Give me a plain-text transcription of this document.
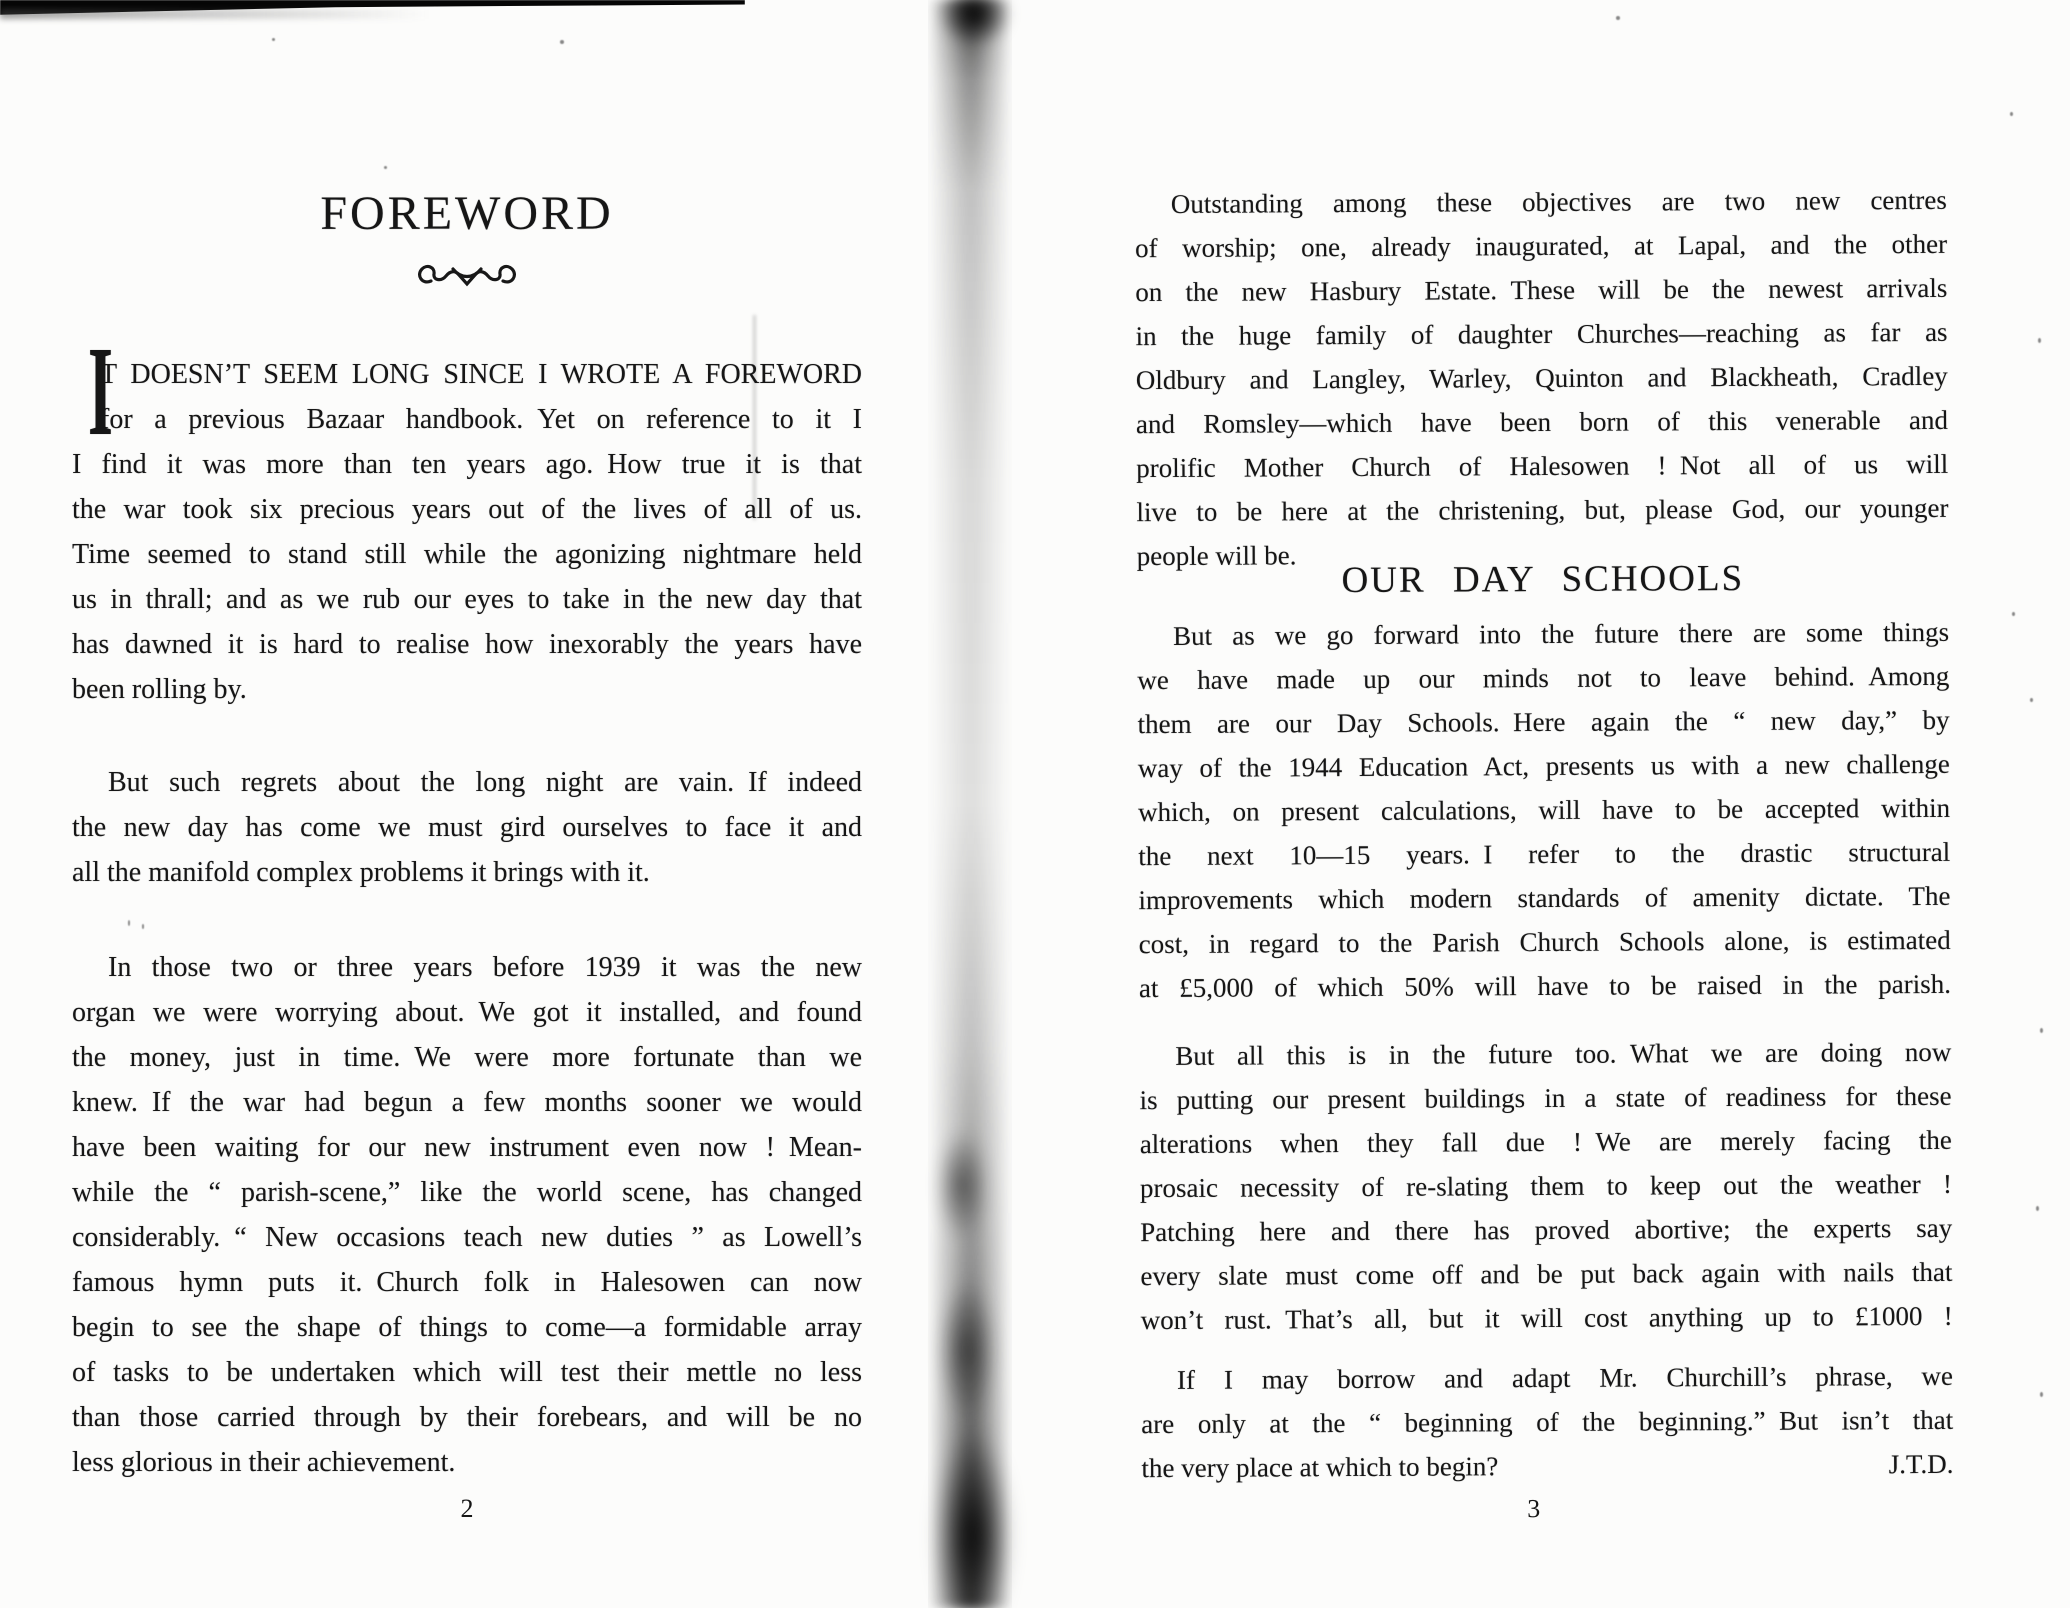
FOREWORD
I
T DOESN’T SEEM LONG SINCE I WROTE A FOREWORD
for a previous Bazaar handbook. Yet on reference to it I
I find it was more than ten years ago. How true it is that
the war took six precious years out of the lives of all of us.
Time seemed to stand still while the agonizing nightmare held
us in thrall; and as we rub our eyes to take in the new day that
has dawned it is hard to realise how inexorably the years have
been rolling by.
But such regrets about the long night are vain. If indeed
the new day has come we must gird ourselves to face it and
all the manifold complex problems it brings with it.
In those two or three years before 1939 it was the new
organ we were worrying about. We got it installed, and found
the money, just in time. We were more fortunate than we
knew. If the war had begun a few months sooner we would
have been waiting for our new instrument even now ! Mean-
while the “ parish-scene,” like the world scene, has changed
considerably. “ New occasions teach new duties ” as Lowell’s
famous hymn puts it. Church folk in Halesowen can now
begin to see the shape of things to come—a formidable array
of tasks to be undertaken which will test their mettle no less
than those carried through by their forebears, and will be no
less glorious in their achievement.
2
Outstanding among these objectives are two new centres
of worship; one, already inaugurated, at Lapal, and the other
on the new Hasbury Estate. These will be the newest arrivals
in the huge family of daughter Churches—reaching as far as
Oldbury and Langley, Warley, Quinton and Blackheath, Cradley
and Romsley—which have been born of this venerable and
prolific Mother Church of Halesowen ! Not all of us will
live to be here at the christening, but, please God, our younger
people will be.
OUR DAY SCHOOLS
But as we go forward into the future there are some things
we have made up our minds not to leave behind. Among
them are our Day Schools. Here again the “ new day,” by
way of the 1944 Education Act, presents us with a new challenge
which, on present calculations, will have to be accepted within
the next 10—15 years. I refer to the drastic structural
improvements which modern standards of amenity dictate. The
cost, in regard to the Parish Church Schools alone, is estimated
at £5,000 of which 50% will have to be raised in the parish.
But all this is in the future too. What we are doing now
is putting our present buildings in a state of readiness for these
alterations when they fall due ! We are merely facing the
prosaic necessity of re-slating them to keep out the weather !
Patching here and there has proved abortive; the experts say
every slate must come off and be put back again with nails that
won’t rust. That’s all, but it will cost anything up to £1000 !
If I may borrow and adapt Mr. Churchill’s phrase, we
are only at the “ beginning of the beginning.” But isn’t that
the very place at which to begin?	J.T.D.
3
